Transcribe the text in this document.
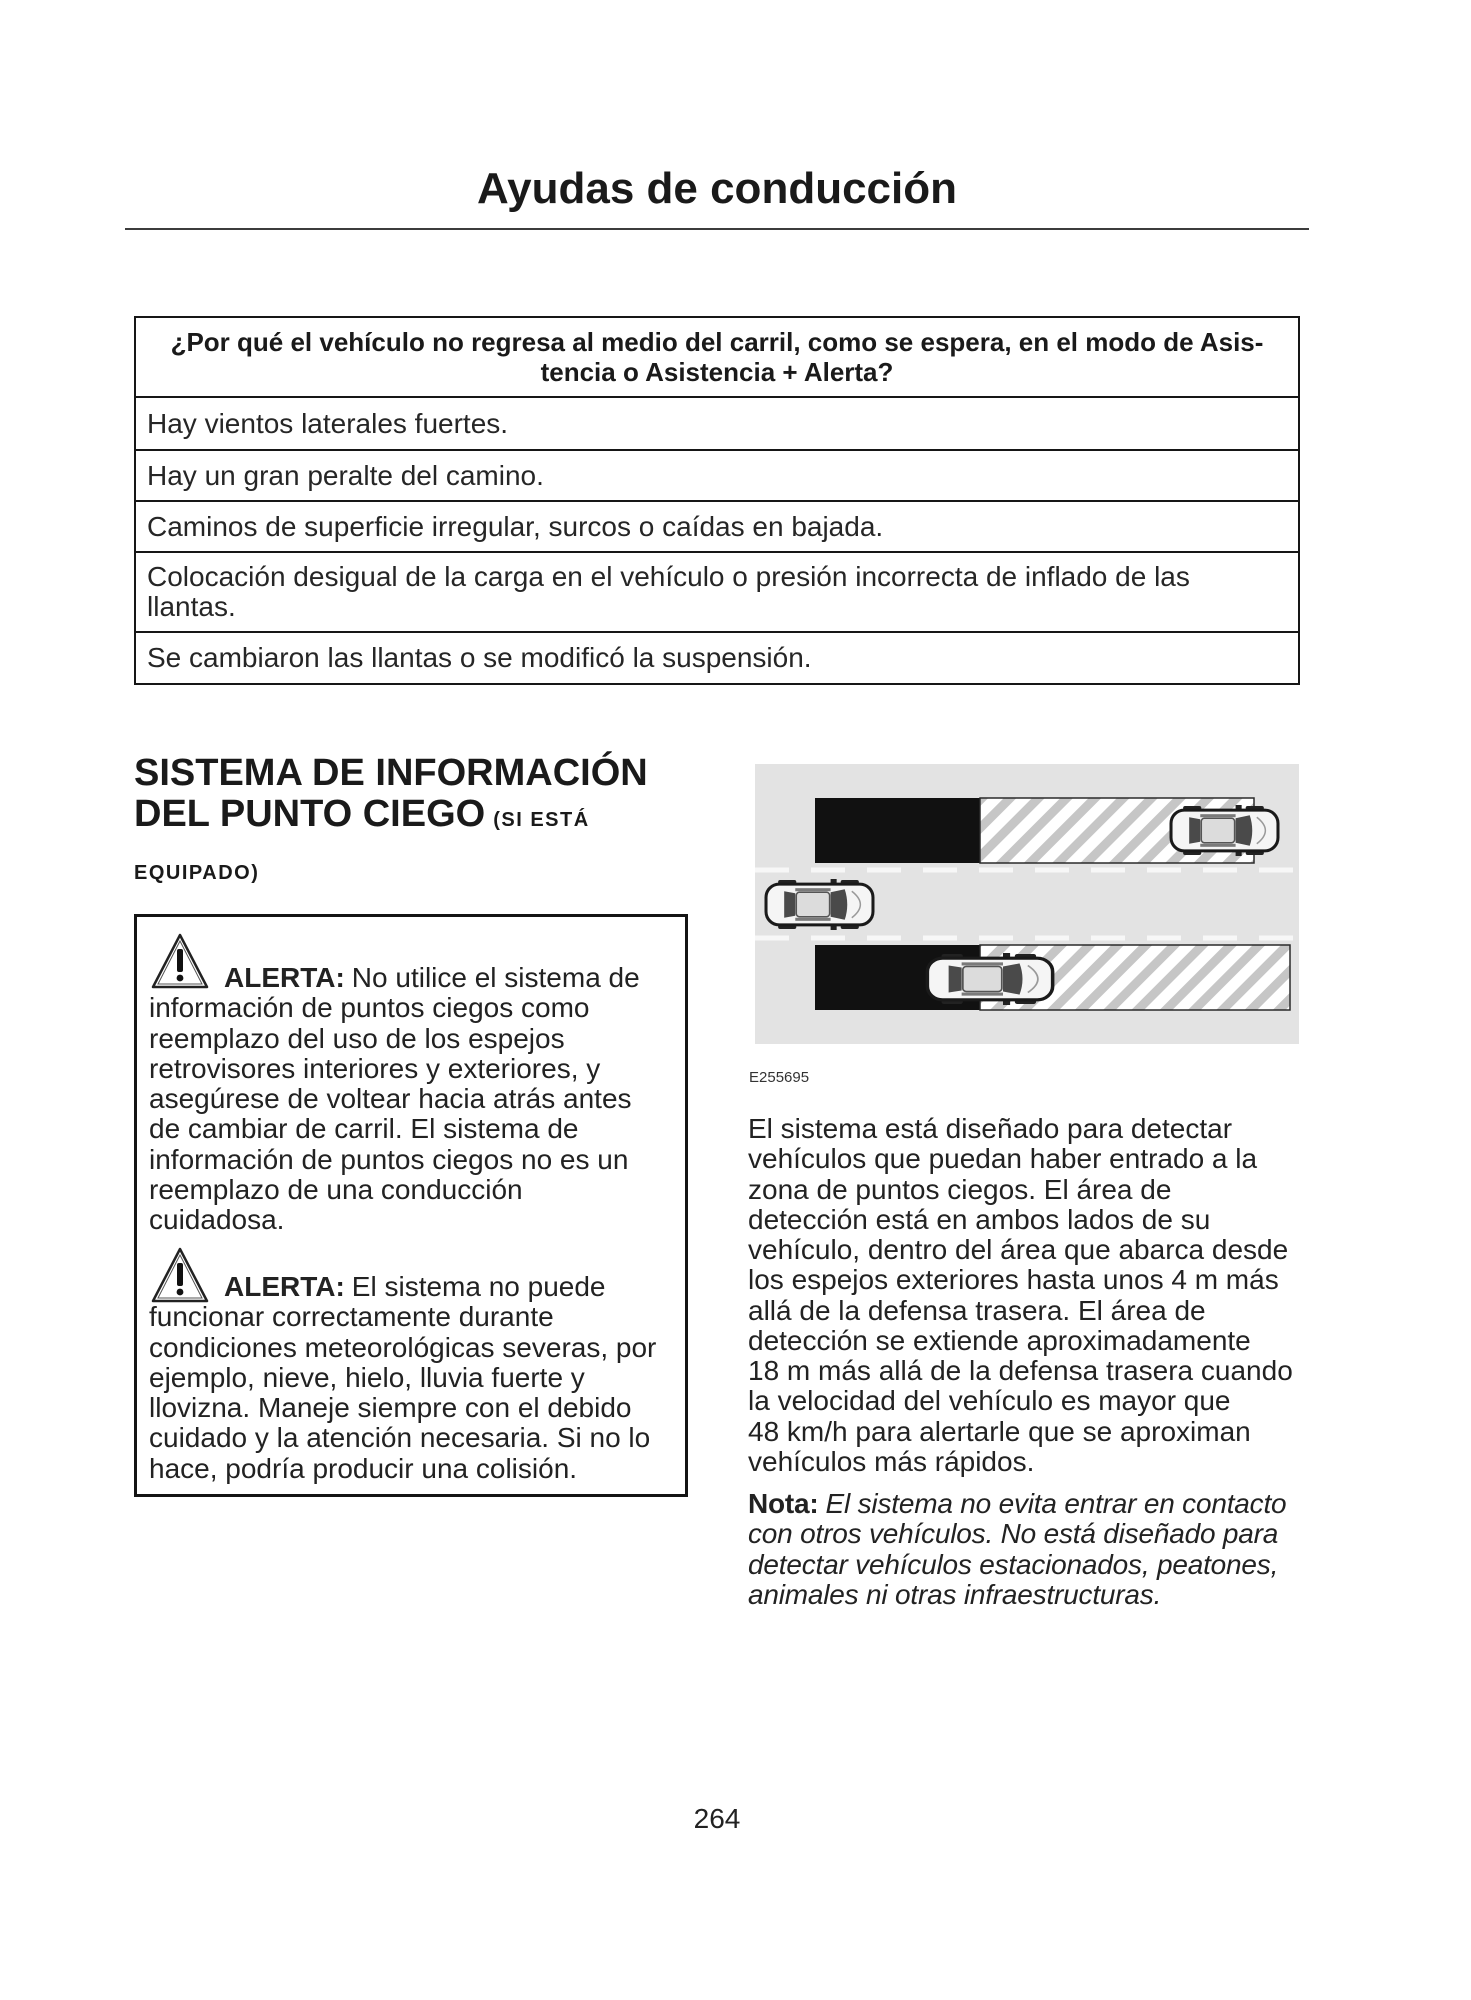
Ayudas de conducción
¿Por qué el vehículo no regresa al medio del carril, como se espera, en el modo de Asis-
tencia o Asistencia + Alerta?
Hay vientos laterales fuertes.
Hay un gran peralte del camino.
Caminos de superficie irregular, surcos o caídas en bajada.
Colocación desigual de la carga en el vehículo o presión incorrecta de inflado de las
llantas.
Se cambiaron las llantas o se modificó la suspensión.
SISTEMA DE INFORMACIÓN
DEL PUNTO CIEGO (SI ESTÁ
EQUIPADO)
ALERTA: No utilice el sistema de
información de puntos ciegos como
reemplazo del uso de los espejos
retrovisores interiores y exteriores, y
asegúrese de voltear hacia atrás antes
de cambiar de carril. El sistema de
información de puntos ciegos no es un
reemplazo de una conducción
cuidadosa.
ALERTA: El sistema no puede
funcionar correctamente durante
condiciones meteorológicas severas, por
ejemplo, nieve, hielo, lluvia fuerte y
llovizna. Maneje siempre con el debido
cuidado y la atención necesaria. Si no lo
hace, podría producir una colisión.
E255695
El sistema está diseñado para detectar
vehículos que puedan haber entrado a la
zona de puntos ciegos. El área de
detección está en ambos lados de su
vehículo, dentro del área que abarca desde
los espejos exteriores hasta unos 4 m más
allá de la defensa trasera. El área de
detección se extiende aproximadamente
18 m más allá de la defensa trasera cuando
la velocidad del vehículo es mayor que
48 km/h para alertarle que se aproximan
vehículos más rápidos.
Nota: El sistema no evita entrar en contacto
con otros vehículos. No está diseñado para
detectar vehículos estacionados, peatones,
animales ni otras infraestructuras.
264
